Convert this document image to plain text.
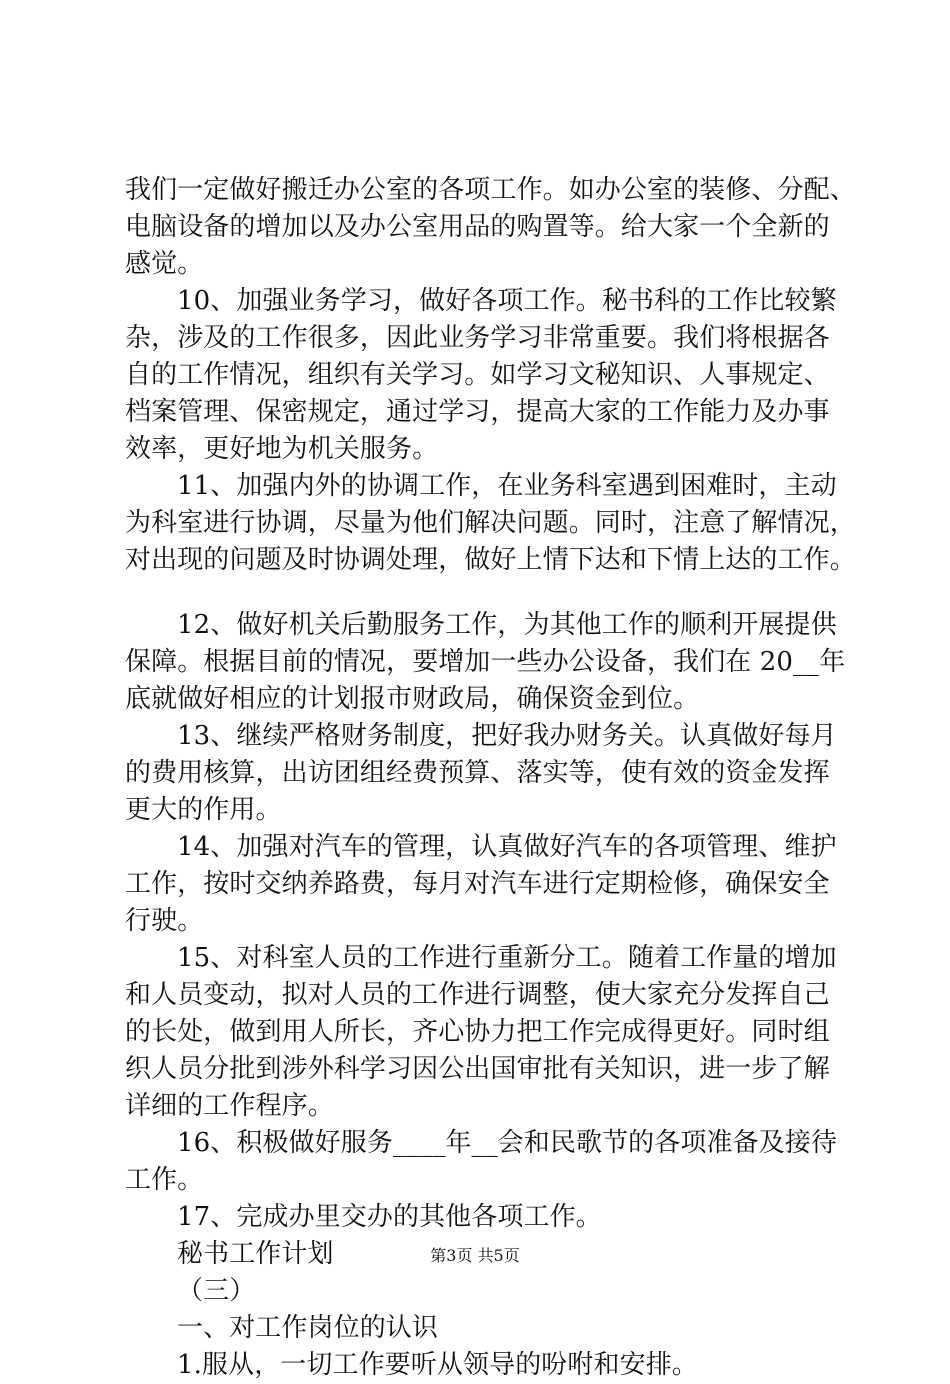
我们一定做好搬迁办公室的各项工作。如办公室的装修、分配、
电脑设备的增加以及办公室用品的购置等。给大家一个全新的
感觉。
10、加强业务学习，做好各项工作。秘书科的工作比较繁
杂，涉及的工作很多，因此业务学习非常重要。我们将根据各
自的工作情况，组织有关学习。如学习文秘知识、人事规定、
档案管理、保密规定，通过学习，提高大家的工作能力及办事
效率，更好地为机关服务。
11、加强内外的协调工作，在业务科室遇到困难时，主动
为科室进行协调，尽量为他们解决问题。同时，注意了解情况，
对出现的问题及时协调处理，做好上情下达和下情上达的工作。
12、做好机关后勤服务工作，为其他工作的顺利开展提供
保障。根据目前的情况，要增加一些办公设备，我们在 20__年
底就做好相应的计划报市财政局，确保资金到位。
13、继续严格财务制度，把好我办财务关。认真做好每月
的费用核算，出访团组经费预算、落实等，使有效的资金发挥
更大的作用。
14、加强对汽车的管理，认真做好汽车的各项管理、维护
工作，按时交纳养路费，每月对汽车进行定期检修，确保安全
行驶。
15、对科室人员的工作进行重新分工。随着工作量的增加
和人员变动，拟对人员的工作进行调整，使大家充分发挥自己
的长处，做到用人所长，齐心协力把工作完成得更好。同时组
织人员分批到涉外科学习因公出国审批有关知识，进一步了解
详细的工作程序。
16、积极做好服务____年__会和民歌节的各项准备及接待
工作。
17、完成办里交办的其他各项工作。
秘书工作计划
（三）
一、对工作岗位的认识
1.服从，一切工作要听从领导的吩咐和安排。
第3页 共5页
